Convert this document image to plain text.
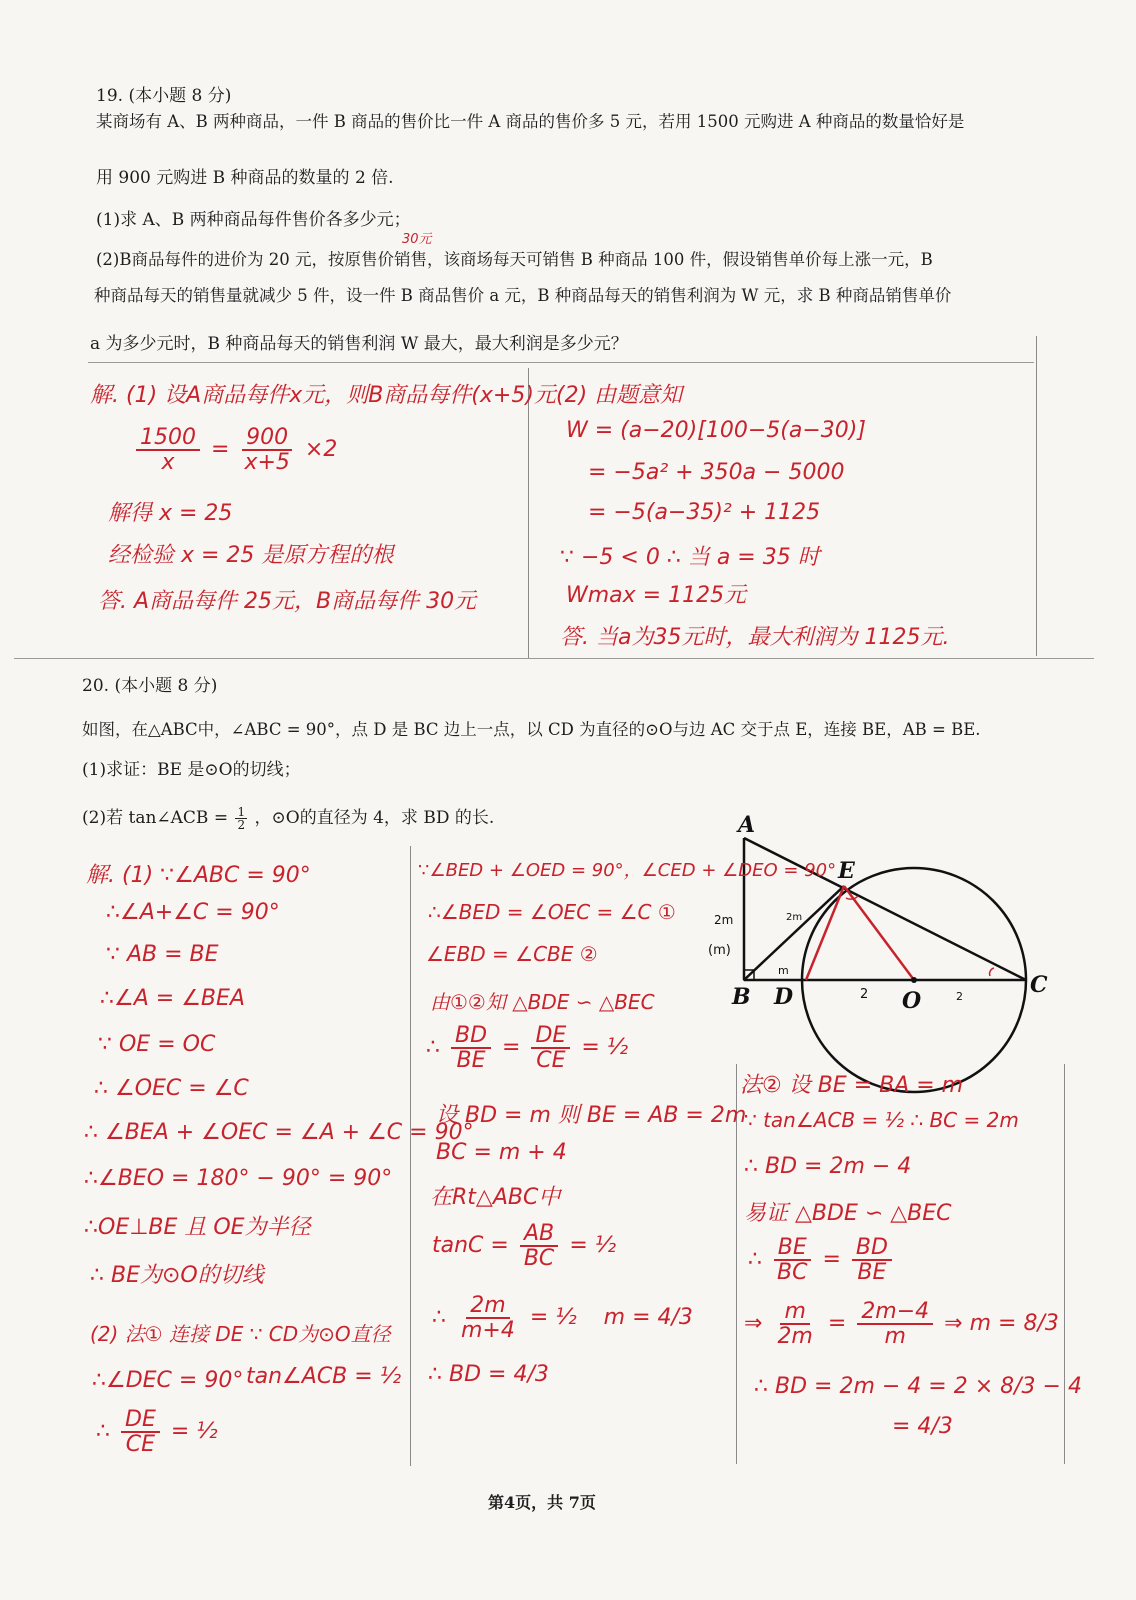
19. (本小题 8 分)
某商场有 A、B 两种商品，一件 B 商品的售价比一件 A 商品的售价多 5 元，若用 1500 元购进 A 种商品的数量恰好是
用 900 元购进 B 种商品的数量的 2 倍.
(1)求 A、B 两种商品每件售价各多少元；
(2)B商品每件的进价为 20 元，按原售价销售，该商场每天可销售 B 种商品 100 件，假设销售单价每上涨一元，B
30元
种商品每天的销售量就减少 5 件，设一件 B 商品售价 a 元，B 种商品每天的销售利润为 W 元，求 B 种商品销售单价
a 为多少元时，B 种商品每天的销售利润 W 最大，最大利润是多少元？
解. (1) 设A商品每件x元，则B商品每件(x+5)元
$\frac{1500}{x} = \frac{900}{x+5} \times 2$
解得 x = 25
经检验 x = 25 是原方程的根
答. A商品每件 25元，B商品每件 30元
(2) 由题意知
W = (a−20)[100−5(a−30)]
= −5a² + 350a − 5000
= −5(a−35)² + 1125
∵ −5 < 0 ∴ 当 a = 35 时
Wmax = 1125元
答. 当a为35元时，最大利润为 1125元.
20. (本小题 8 分)
如图，在△ABC中，∠ABC = 90°，点 D 是 BC 边上一点，以 CD 为直径的⊙O与边 AC 交于点 E，连接 BE，AB = BE.
(1)求证：BE 是⊙O的切线；
(2)若 tan∠ACB = $\frac{1}{2}$ ，⊙O的直径为 4，求 BD 的长.	A
B	C
D
E
O
2m
(m)
2m
m
2	2
解. (1) ∵∠ABC = 90°
∴∠A+∠C = 90°
∵ AB = BE
∴∠A = ∠BEA
∵ OE = OC
∴ ∠OEC = ∠C
∴ ∠BEA + ∠OEC = ∠A + ∠C = 90°
∴∠BEO = 180° − 90° = 90°
∴OE⊥BE 且 OE为半径
∴ BE为⊙O的切线
(2) 法① 连接 DE ∵ CD为⊙O直径
∴∠DEC = 90° tan∠ACB = ½
∴ $\frac{DE}{CE}$ = ½
∵∠BED + ∠OED = 90°，∠CED + ∠DEO = 90°
∴∠BED = ∠OEC = ∠C ①
∠EBD = ∠CBE ②
由①②知 △BDE ∽ △BEC
∴ $\frac{BD}{BE} = \frac{DE}{CE}$ = ½
设 BD = m 则 BE = AB = 2m
BC = m + 4
在Rt△ABC中
$\tan C = \frac{AB}{BC}$ = ½
∴ $\frac{2m}{m+4}$ = ½ m = 4/3
∴ BD = 4/3
法② 设 BE = BA = m
∵ tan∠ACB = ½ ∴ BC = 2m
∴ BD = 2m − 4
易证 △BDE ∽ △BEC
∴ $\frac{BE}{BC} = \frac{BD}{BE}$
⇒ $\frac{m}{2m} = \frac{2m-4}{m}$ ⇒ m = 8/3
∴ BD = 2m − 4 = 2 × 8/3 − 4
= 4/3
第4页，共 7页
